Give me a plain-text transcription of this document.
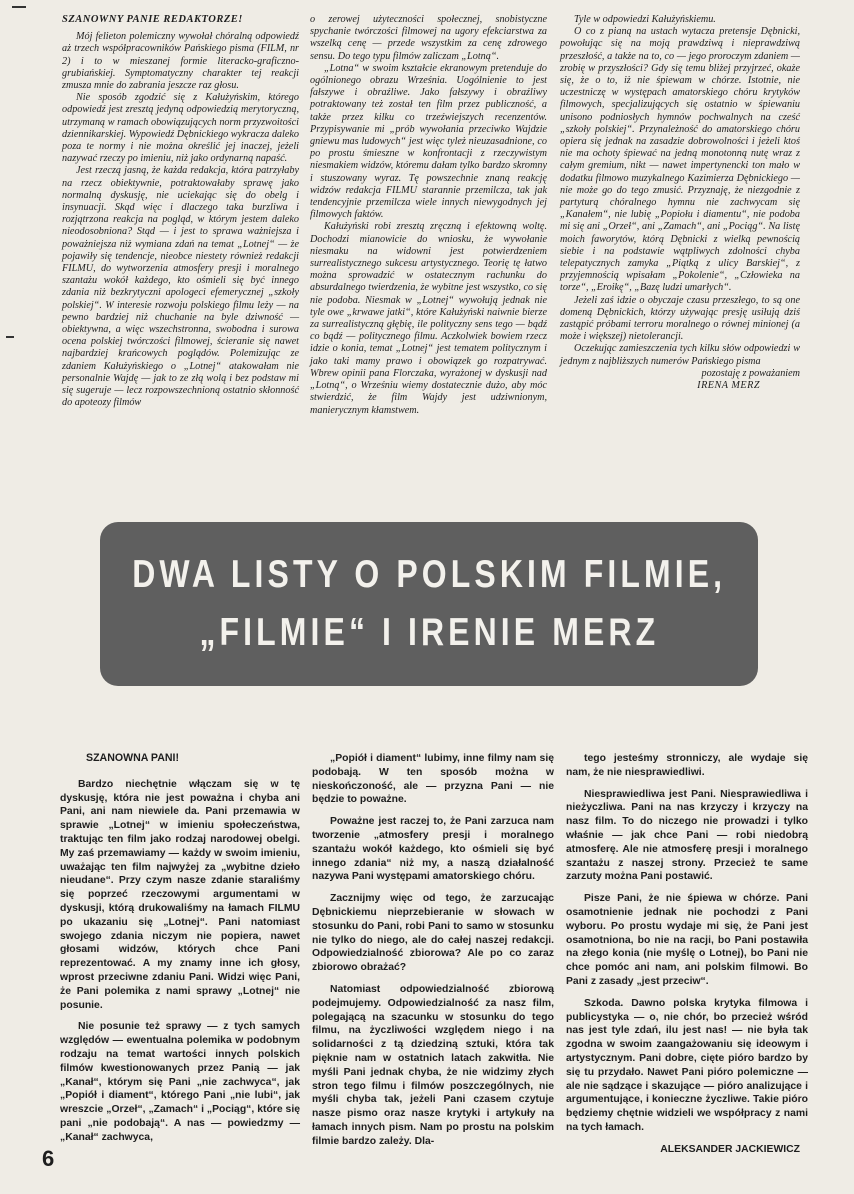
SZANOWNY PANIE REDAKTORZE!

Mój felieton polemiczny wywołał chóralną odpowiedź aż trzech współpracowników Pańskiego pisma (FILM, nr 2) i to w mieszanej formie literacko-graficzno-grubiańskiej. Symptomatyczny charakter tej reakcji zmusza mnie do zabrania jeszcze raz głosu.

Nie sposób zgodzić się z Kałużyńskim, którego odpowiedź jest zresztą jedyną odpowiedzią merytoryczną, utrzymaną w ramach obowiązujących norm przyzwoitości dziennikarskiej. Wypowiedź Dębnickiego wykracza daleko poza te normy i nie można określić jej inaczej, jeżeli nazywać rzeczy po imieniu, niż jako ordynarną napaść.

Jest rzeczą jasną, że każda redakcja, która patrzyłaby na rzecz obiektywnie, potraktowałaby sprawę jako normalną dyskusję, nie uciekając się do obelg i insynuacji. Skąd więc i dlaczego taka burzliwa i rozjątrzona reakcja na pogląd, w którym jestem daleko nieodosobniona? Stąd — i jest to sprawa ważniejsza i poważniejsza niż wymiana zdań na temat „Lotnej“ — że pojawiły się tendencje, nieobce niestety również redakcji FILMU, do wytworzenia atmosfery presji i moralnego szantażu wokół każdego, kto ośmieli się być innego zdania niż bezkrytyczni apologeci efemerycznej „szkoły polskiej“. W interesie rozwoju polskiego filmu leży — na pewno bardziej niż chuchanie na byle dziwność — obiektywna, a więc wszechstronna, swobodna i surowa ocena polskiej twórczości filmowej, ścieranie się nawet najbardziej krańcowych poglądów. Polemizując ze zdaniem Kałużyńskiego o „Lotnej“ atakowałam nie personalnie Wajdę — jak to ze złą wolą i bez podstaw mi się sugeruje — lecz rozpowszechnioną ostatnio skłonność do apoteozy filmów

o zerowej użyteczności społecznej, snobistyczne spychanie twórczości filmowej na ugory efekciarstwa za wszelką cenę — przede wszystkim za cenę zdrowego sensu. Do tego typu filmów zaliczam „Lotną“.

„Lotna“ w swoim kształcie ekranowym pretenduje do ogólnionego obrazu Września. Uogólnienie to jest fałszywe i obraźliwe. Jako fałszywy i obraźliwy potraktowany też został ten film przez publiczność, a także przez kilku co trzeźwiejszych recenzentów. Przypisywanie mi „prób wywołania przeciwko Wajdzie gniewu mas ludowych“ jest więc tyleż nieuzasadnione, co po prostu śmieszne w konfrontacji z rzeczywistym niesmakiem widzów, któremu dałam tylko bardzo skromny i stuszowany wyraz. Tę powszechnie znaną reakcję widzów redakcja FILMU starannie przemilcza, tak jak tendencyjnie przemilcza wiele innych niewygodnych jej filmowych faktów.

Kałużyński robi zresztą zręczną i efektowną woltę. Dochodzi mianowicie do wniosku, że wywołanie niesmaku na widowni jest potwierdzeniem surrealistycznego sukcesu artystycznego. Teorię tę łatwo można sprowadzić w ostatecznym rachunku do absurdalnego twierdzenia, że wybitne jest wszystko, co się nie podoba. Niesmak w „Lotnej“ wywołują jednak nie tyle owe „krwawe jatki“, które Kałużyński naiwnie bierze za surrealistyczną głębię, ile polityczny sens tego — bądź co bądź — politycznego filmu. Aczkolwiek bowiem rzecz idzie o konia, temat „Lotnej“ jest tematem politycznym i jako taki mamy prawo i obowiązek go rozpatrywać. Wbrew opinii pana Florczaka, wyrażonej w dyskusji nad „Lotną“, o Wrześniu wiemy dostatecznie dużo, aby móc stwierdzić, że film Wajdy jest udziwnionym, manierycznym kłamstwem.

Tyle w odpowiedzi Kałużyńskiemu.

O co z pianą na ustach wytacza pretensje Dębnicki, powołując się na moją prawdziwą i nieprawdziwą przeszłość, a także na to, co — jego proroczym zdaniem — zrobię w przyszłości? Gdy się temu bliżej przyjrzeć, okaże się, że o to, iż nie śpiewam w chórze. Istotnie, nie uczestniczę w występach amatorskiego chóru krytyków filmowych, specjalizujących się ostatnio w śpiewaniu unisono podniosłych hymnów pochwalnych na cześć „szkoły polskiej“. Przynależność do amatorskiego chóru opiera się jednak na zasadzie dobrowolności i jeżeli ktoś nie ma ochoty śpiewać na jedną monotonną nutę wraz z całym gremium, nikt — nawet impertynencki ton mało w dodatku filmowo muzykalnego Kazimierza Dębnickiego — nie może go do tego zmusić. Przyznaję, że niezgodnie z partyturą chóralnego hymnu nie zachwycam się „Kanałem“, nie lubię „Popiołu i diamentu“, nie podoba mi się ani „Orzeł“, ani „Zamach“, ani „Pociąg“. Na listę moich faworytów, którą Dębnicki z wielką pewnością siebie i na podstawie wątpliwych zdolności chyba telepatycznych zamyka „Piątką z ulicy Barskiej“, z przyjemnością wpisałam „Pokolenie“, „Człowieka na torze“, „Eroikę“, „Bazę ludzi umarłych“.

Jeżeli zaś idzie o obyczaje czasu przeszłego, to są one domeną Dębnickich, którzy używając presję usiłują dziś zastąpić próbami terroru moralnego o równej minionej (a może i większej) nietolerancji.

Oczekując zamieszczenia tych kilku słów odpowiedzi w jednym z najbliższych numerów Pańskiego pisma

pozostaję z poważaniem

IRENA MERZ

DWA LISTY O POLSKIM FILMIE,
„FILMIE“ I IRENIE MERZ
SZANOWNA PANI!

Bardzo niechętnie włączam się w tę dyskusję, która nie jest poważna i chyba ani Pani, ani nam niewiele da. Pani przemawia w sprawie „Lotnej“ w imieniu społeczeństwa, traktując ten film jako rodzaj narodowej obelgi. My zaś przemawiamy — każdy w swoim imieniu, uważając ten film najwyżej za „wybitne dzieło nieudane“. Przy czym nasze zdanie staraliśmy się poprzeć rzeczowymi argumentami w dyskusji, którą drukowaliśmy na łamach FILMU po ukazaniu się „Lotnej“. Pani natomiast swojego zdania niczym nie popiera, nawet głosami widzów, których chce Pani reprezentować. A my znamy inne ich głosy, wprost przeciwne zdaniu Pani. Widzi więc Pani, że Pani polemika z nami sprawy „Lotnej“ nie posunie.

Nie posunie też sprawy — z tych samych względów — ewentualna polemika w podobnym rodzaju na temat wartości innych polskich filmów kwestionowanych przez Panią — jak „Kanał“, którym się Pani „nie zachwyca“, jak „Popiół i diament“, którego Pani „nie lubi“, jak wreszcie „Orzeł“, „Zamach“ i „Pociąg“, które się pani „nie podobają“. A nas — powiedzmy — „Kanał“ zachwyca,

„Popiół i diament“ lubimy, inne filmy nam się podobają. W ten sposób można w nieskończoność, ale — przyzna Pani — nie będzie to poważne.

Poważne jest raczej to, że Pani zarzuca nam tworzenie „atmosfery presji i moralnego szantażu wokół każdego, kto ośmieli się być innego zdania“ niż my, a naszą działalność nazywa Pani występami amatorskiego chóru.

Zacznijmy więc od tego, że zarzucając Dębnickiemu nieprzebieranie w słowach w stosunku do Pani, robi Pani to samo w stosunku nie tylko do niego, ale do całej naszej redakcji. Odpowiedzialność zbiorowa? Ale po co zaraz zbiorowo obrażać?

Natomiast odpowiedzialność zbiorową podejmujemy. Odpowiedzialność za nasz film, polegającą na szacunku w stosunku do tego filmu, na życzliwości względem niego i na solidarności z tą dziedziną sztuki, która tak pięknie nam w ostatnich latach zakwitła. Nie myśli Pani jednak chyba, że nie widzimy złych stron tego filmu i filmów poszczególnych, nie myśli chyba tak, jeżeli Pani czasem czytuje nasze pismo oraz nasze krytyki i artykuły na łamach innych pism. Nam po prostu na polskim filmie bardzo zależy. Dla-

tego jesteśmy stronniczy, ale wydaje się nam, że nie niesprawiedliwi.

Niesprawiedliwa jest Pani. Niesprawiedliwa i nieżyczliwa. Pani na nas krzyczy i krzyczy na nasz film. To do niczego nie prowadzi i tylko właśnie — jak chce Pani — robi niedobrą atmosferę. Ale nie atmosferę presji i moralnego szantażu z naszej strony. Przecież te same zarzuty można Pani postawić.

Pisze Pani, że nie śpiewa w chórze. Pani osamotnienie jednak nie pochodzi z Pani wyboru. Po prostu wydaje mi się, że Pani jest osamotniona, bo nie na racji, bo Pani postawiła na złego konia (nie myślę o Lotnej), bo Pani nie chce pomóc ani nam, ani polskim filmowi. Bo Pani z zasady „jest przeciw“.

Szkoda. Dawno polska krytyka filmowa i publicystyka — o, nie chór, bo przecież wśród nas jest tyle zdań, ilu jest nas! — nie była tak zgodna w swoim zaangażowaniu się ideowym i artystycznym. Pani dobre, cięte pióro bardzo by się tu przydało. Nawet Pani pióro polemiczne — ale nie sądzące i skazujące — pióro analizujące i argumentujące, i konieczne życzliwe. Takie pióro będziemy chętnie widzieli we współpracy z nami na tych łamach.

ALEKSANDER JACKIEWICZ

6
